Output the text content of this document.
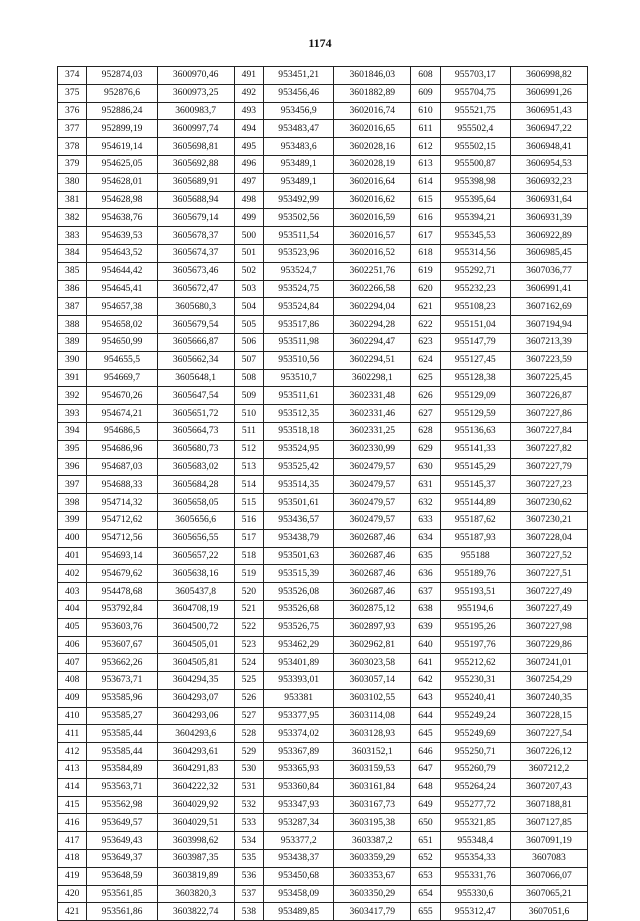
1174
374	952874,03	3600970,46	491	953451,21	3601846,03	608	955703,17	3606998,82
375	952876,6	3600973,25	492	953456,46	3601882,89	609	955704,75	3606991,26
376	952886,24	3600983,7	493	953456,9	3602016,74	610	955521,75	3606951,43
377	952899,19	3600997,74	494	953483,47	3602016,65	611	955502,4	3606947,22
378	954619,14	3605698,81	495	953483,6	3602028,16	612	955502,15	3606948,41
379	954625,05	3605692,88	496	953489,1	3602028,19	613	955500,87	3606954,53
380	954628,01	3605689,91	497	953489,1	3602016,64	614	955398,98	3606932,23
381	954628,98	3605688,94	498	953492,99	3602016,62	615	955395,64	3606931,64
382	954638,76	3605679,14	499	953502,56	3602016,59	616	955394,21	3606931,39
383	954639,53	3605678,37	500	953511,54	3602016,57	617	955345,53	3606922,89
384	954643,52	3605674,37	501	953523,96	3602016,52	618	955314,56	3606985,45
385	954644,42	3605673,46	502	953524,7	3602251,76	619	955292,71	3607036,77
386	954645,41	3605672,47	503	953524,75	3602266,58	620	955232,23	3606991,41
387	954657,38	3605680,3	504	953524,84	3602294,04	621	955108,23	3607162,69
388	954658,02	3605679,54	505	953517,86	3602294,28	622	955151,04	3607194,94
389	954650,99	3605666,87	506	953511,98	3602294,47	623	955147,79	3607213,39
390	954655,5	3605662,34	507	953510,56	3602294,51	624	955127,45	3607223,59
391	954669,7	3605648,1	508	953510,7	3602298,1	625	955128,38	3607225,45
392	954670,26	3605647,54	509	953511,61	3602331,48	626	955129,09	3607226,87
393	954674,21	3605651,72	510	953512,35	3602331,46	627	955129,59	3607227,86
394	954686,5	3605664,73	511	953518,18	3602331,25	628	955136,63	3607227,84
395	954686,96	3605680,73	512	953524,95	3602330,99	629	955141,33	3607227,82
396	954687,03	3605683,02	513	953525,42	3602479,57	630	955145,29	3607227,79
397	954688,33	3605684,28	514	953514,35	3602479,57	631	955145,37	3607227,23
398	954714,32	3605658,05	515	953501,61	3602479,57	632	955144,89	3607230,62
399	954712,62	3605656,6	516	953436,57	3602479,57	633	955187,62	3607230,21
400	954712,56	3605656,55	517	953438,79	3602687,46	634	955187,93	3607228,04
401	954693,14	3605657,22	518	953501,63	3602687,46	635	955188	3607227,52
402	954679,62	3605638,16	519	953515,39	3602687,46	636	955189,76	3607227,51
403	954478,68	3605437,8	520	953526,08	3602687,46	637	955193,51	3607227,49
404	953792,84	3604708,19	521	953526,68	3602875,12	638	955194,6	3607227,49
405	953603,76	3604500,72	522	953526,75	3602897,93	639	955195,26	3607227,98
406	953607,67	3604505,01	523	953462,29	3602962,81	640	955197,76	3607229,86
407	953662,26	3604505,81	524	953401,89	3603023,58	641	955212,62	3607241,01
408	953673,71	3604294,35	525	953393,01	3603057,14	642	955230,31	3607254,29
409	953585,96	3604293,07	526	953381	3603102,55	643	955240,41	3607240,35
410	953585,27	3604293,06	527	953377,95	3603114,08	644	955249,24	3607228,15
411	953585,44	3604293,6	528	953374,02	3603128,93	645	955249,69	3607227,54
412	953585,44	3604293,61	529	953367,89	3603152,1	646	955250,71	3607226,12
413	953584,89	3604291,83	530	953365,93	3603159,53	647	955260,79	3607212,2
414	953563,71	3604222,32	531	953360,84	3603161,84	648	955264,24	3607207,43
415	953562,98	3604029,92	532	953347,93	3603167,73	649	955277,72	3607188,81
416	953649,57	3604029,51	533	953287,34	3603195,38	650	955321,85	3607127,85
417	953649,43	3603998,62	534	953377,2	3603387,2	651	955348,4	3607091,19
418	953649,37	3603987,35	535	953438,37	3603359,29	652	955354,33	3607083
419	953648,59	3603819,89	536	953450,68	3603353,67	653	955331,76	3607066,07
420	953561,85	3603820,3	537	953458,09	3603350,29	654	955330,6	3607065,21
421	953561,86	3603822,74	538	953489,85	3603417,79	655	955312,47	3607051,6
